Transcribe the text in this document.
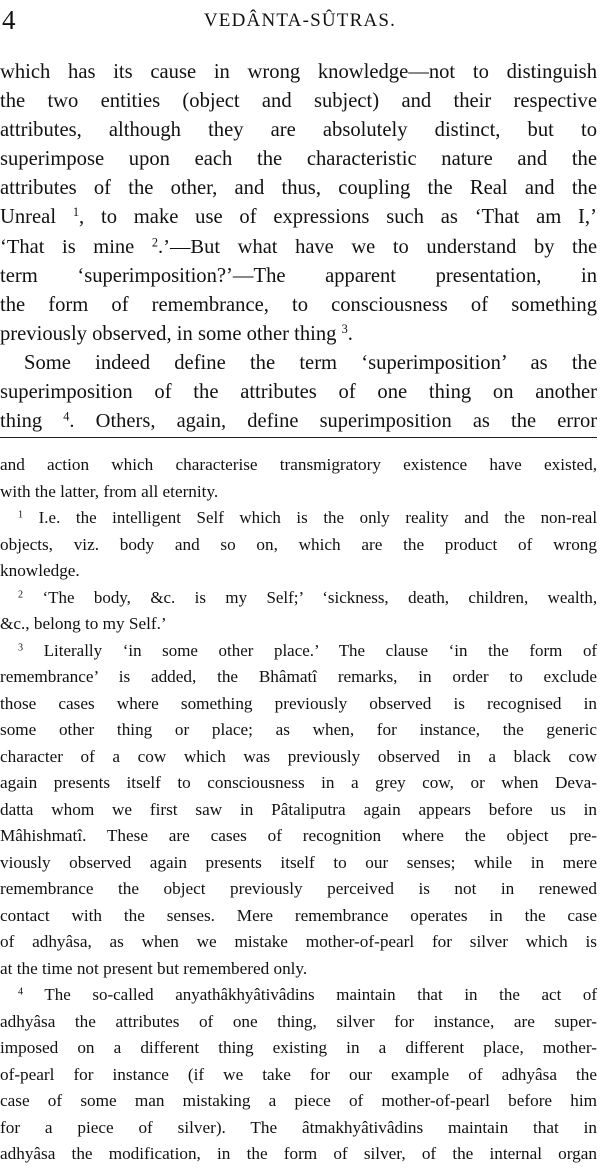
4	VEDÂNTA-SÛTRAS.
which has its cause in wrong knowledge—not to distinguish
the two entities (object and subject) and their respective
attributes, although they are absolutely distinct, but to
superimpose upon each the characteristic nature and the
attributes of the other, and thus, coupling the Real and the
Unreal $^1$, to make use of expressions such as ‘That am I,’
‘That is mine $^2$.’—But what have we to understand by the
term ‘superimposition?’—The apparent presentation, in
the form of remembrance, to consciousness of something
previously observed, in some other thing $^3$.
Some indeed define the term ‘superimposition’ as the
superimposition of the attributes of one thing on another
thing $^4$. Others, again, define superimposition as the error
and action which characterise transmigratory existence have existed,
with the latter, from all eternity.
$^1$ I.e. the intelligent Self which is the only reality and the non-real
objects, viz. body and so on, which are the product of wrong
knowledge.
$^2$ ‘The body, &c. is my Self;’ ‘sickness, death, children, wealth,
&c., belong to my Self.’
$^3$ Literally ‘in some other place.’ The clause ‘in the form of
remembrance’ is added, the Bhâmatî remarks, in order to exclude
those cases where something previously observed is recognised in
some other thing or place; as when, for instance, the generic
character of a cow which was previously observed in a black cow
again presents itself to consciousness in a grey cow, or when Deva-
datta whom we first saw in Pâtaliputra again appears before us in
Mâhishmatî. These are cases of recognition where the object pre-
viously observed again presents itself to our senses; while in mere
remembrance the object previously perceived is not in renewed
contact with the senses. Mere remembrance operates in the case
of adhyâsa, as when we mistake mother-of-pearl for silver which is
at the time not present but remembered only.
$^4$ The so-called anyathâkhyâtivâdins maintain that in the act of
adhyâsa the attributes of one thing, silver for instance, are super-
imposed on a different thing existing in a different place, mother-
of-pearl for instance (if we take for our example of adhyâsa the
case of some man mistaking a piece of mother-of-pearl before him
for a piece of silver). The âtmakhyâtivâdins maintain that in
adhyâsa the modification, in the form of silver, of the internal organ
